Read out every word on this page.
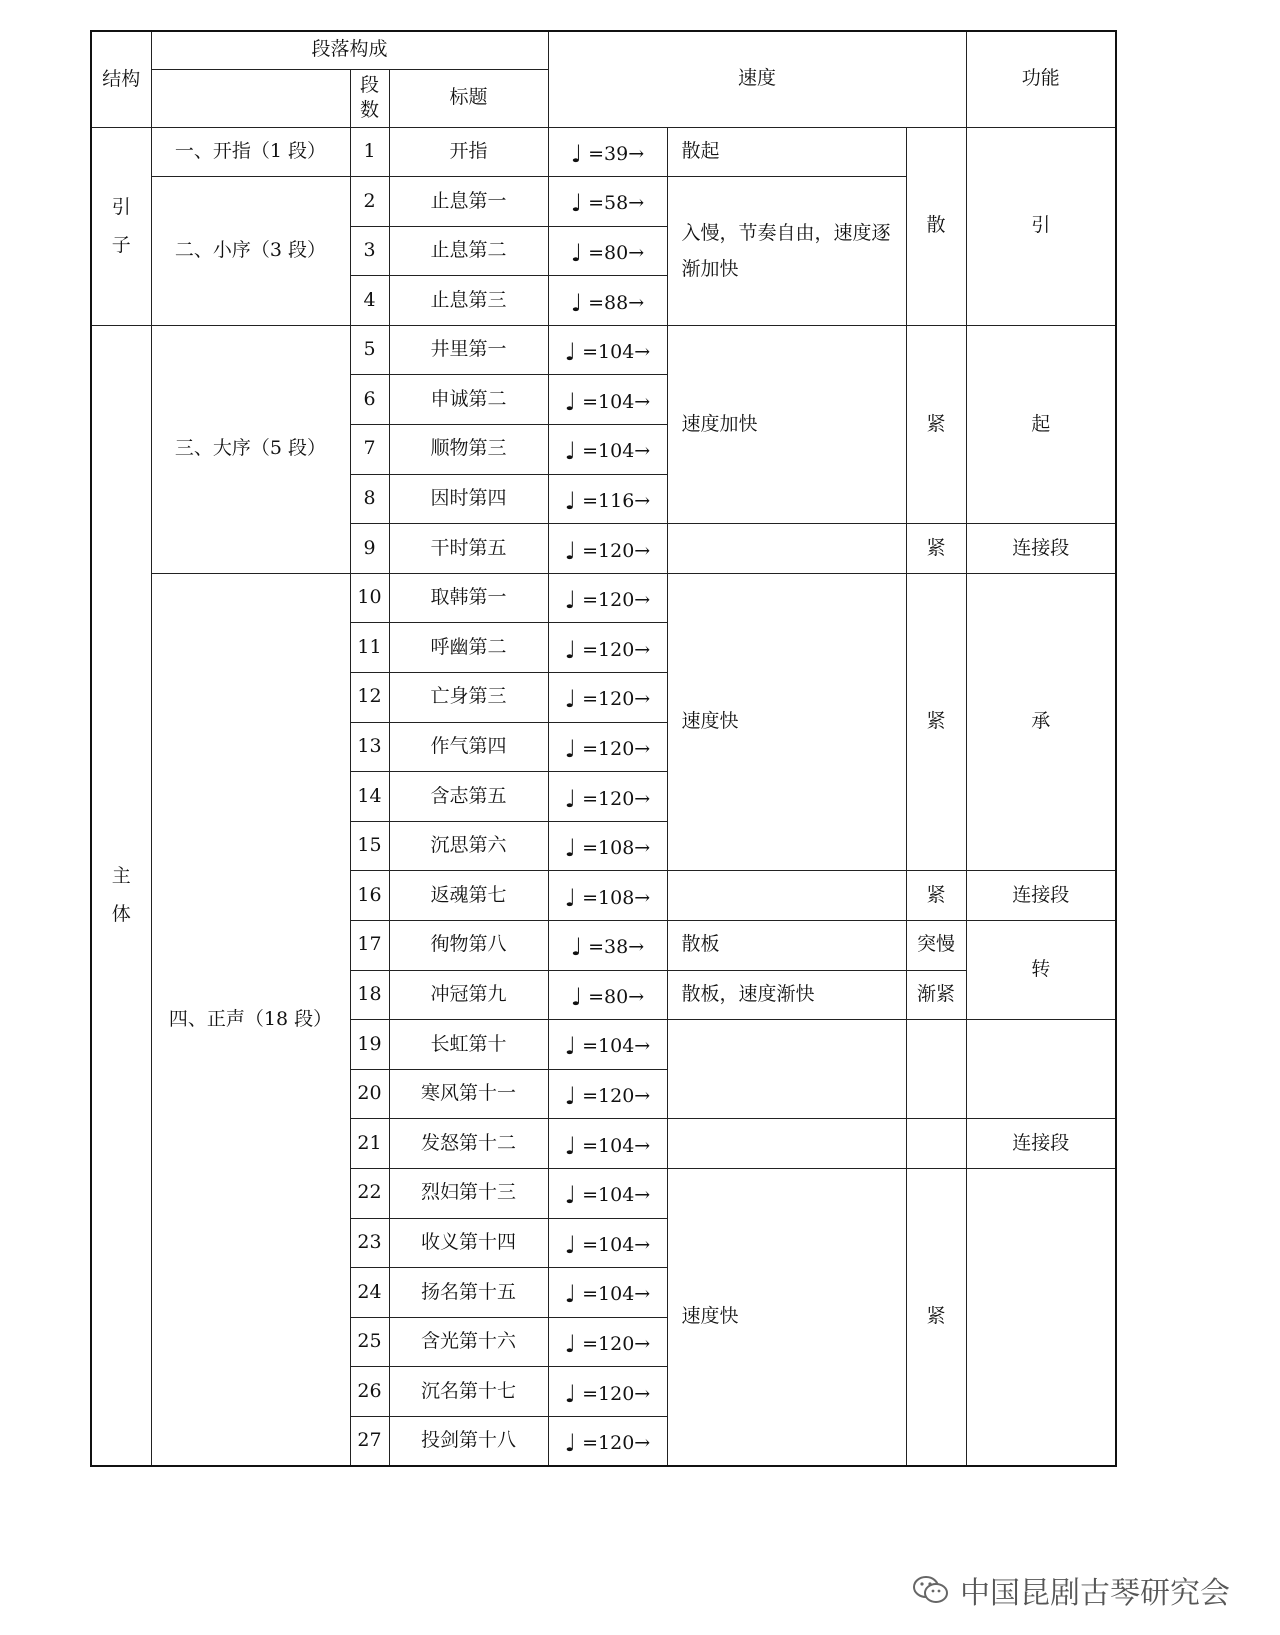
结构	段落构成			速度			功能
		段数	标题				
引子	一、开指（1 段）	1	开指	♩ =39→	散起	散	引
	二、小序（3 段）	2	止息第一	♩ =58→	入慢，节奏自由，速度逐渐加快		
		3	止息第二	♩ =80→			
		4	止息第三	♩ =88→			
主体	三、大序（5 段）	5	井里第一	♩ =104→	速度加快	紧	起
		6	申诚第二	♩ =104→			
		7	顺物第三	♩ =104→			
		8	因时第四	♩ =116→			
		9	干时第五	♩ =120→		紧	连接段
	四、正声（18 段）	10	取韩第一	♩ =120→	速度快	紧	承
		11	呼幽第二	♩ =120→			
		12	亡身第三	♩ =120→			
		13	作气第四	♩ =120→			
		14	含志第五	♩ =120→			
		15	沉思第六	♩ =108→			
		16	返魂第七	♩ =108→		紧	连接段
		17	徇物第八	♩ =38→	散板	突慢	转
		18	冲冠第九	♩ =80→	散板，速度渐快	渐紧	
		19	长虹第十	♩ =104→			
		20	寒风第十一	♩ =120→			
		21	发怒第十二	♩ =104→			连接段
		22	烈妇第十三	♩ =104→	速度快	紧	
		23	收义第十四	♩ =104→			
		24	扬名第十五	♩ =104→			
		25	含光第十六	♩ =120→			
		26	沉名第十七	♩ =120→			
		27	投剑第十八	♩ =120→			
中国昆剧古琴研究会
